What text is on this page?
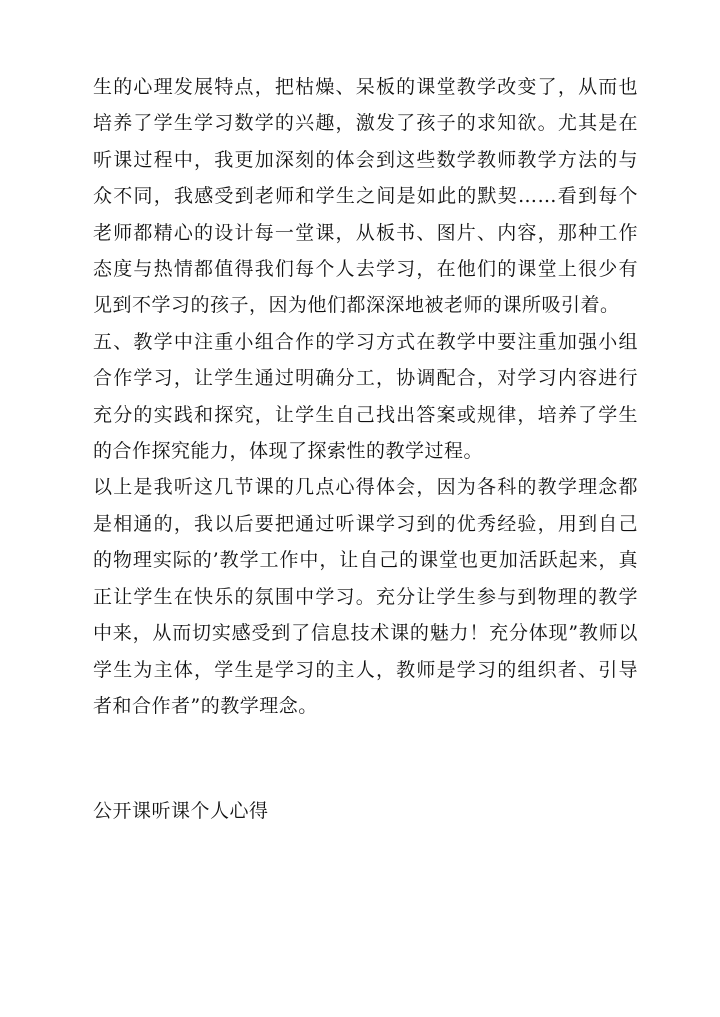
生的心理发展特点，把枯燥、呆板的课堂教学改变了，从而也培养了学生学习数学的兴趣，激发了孩子的求知欲。尤其是在听课过程中，我更加深刻的体会到这些数学教师教学方法的与众不同，我感受到老师和学生之间是如此的默契……看到每个老师都精心的设计每一堂课，从板书、图片、内容，那种工作态度与热情都值得我们每个人去学习，在他们的课堂上很少有见到不学习的孩子，因为他们都深深地被老师的课所吸引着。

五、教学中注重小组合作的学习方式在教学中要注重加强小组合作学习，让学生通过明确分工，协调配合，对学习内容进行充分的实践和探究，让学生自己找出答案或规律，培养了学生的合作探究能力，体现了探索性的教学过程。

以上是我听这几节课的几点心得体会，因为各科的教学理念都是相通的，我以后要把通过听课学习到的优秀经验，用到自己的物理实际的’教学工作中，让自己的课堂也更加活跃起来，真正让学生在快乐的氛围中学习。充分让学生参与到物理的教学中来，从而切实感受到了信息技术课的魅力！充分体现”教师以学生为主体，学生是学习的主人，教师是学习的组织者、引导者和合作者”的教学理念。

公开课听课个人心得
